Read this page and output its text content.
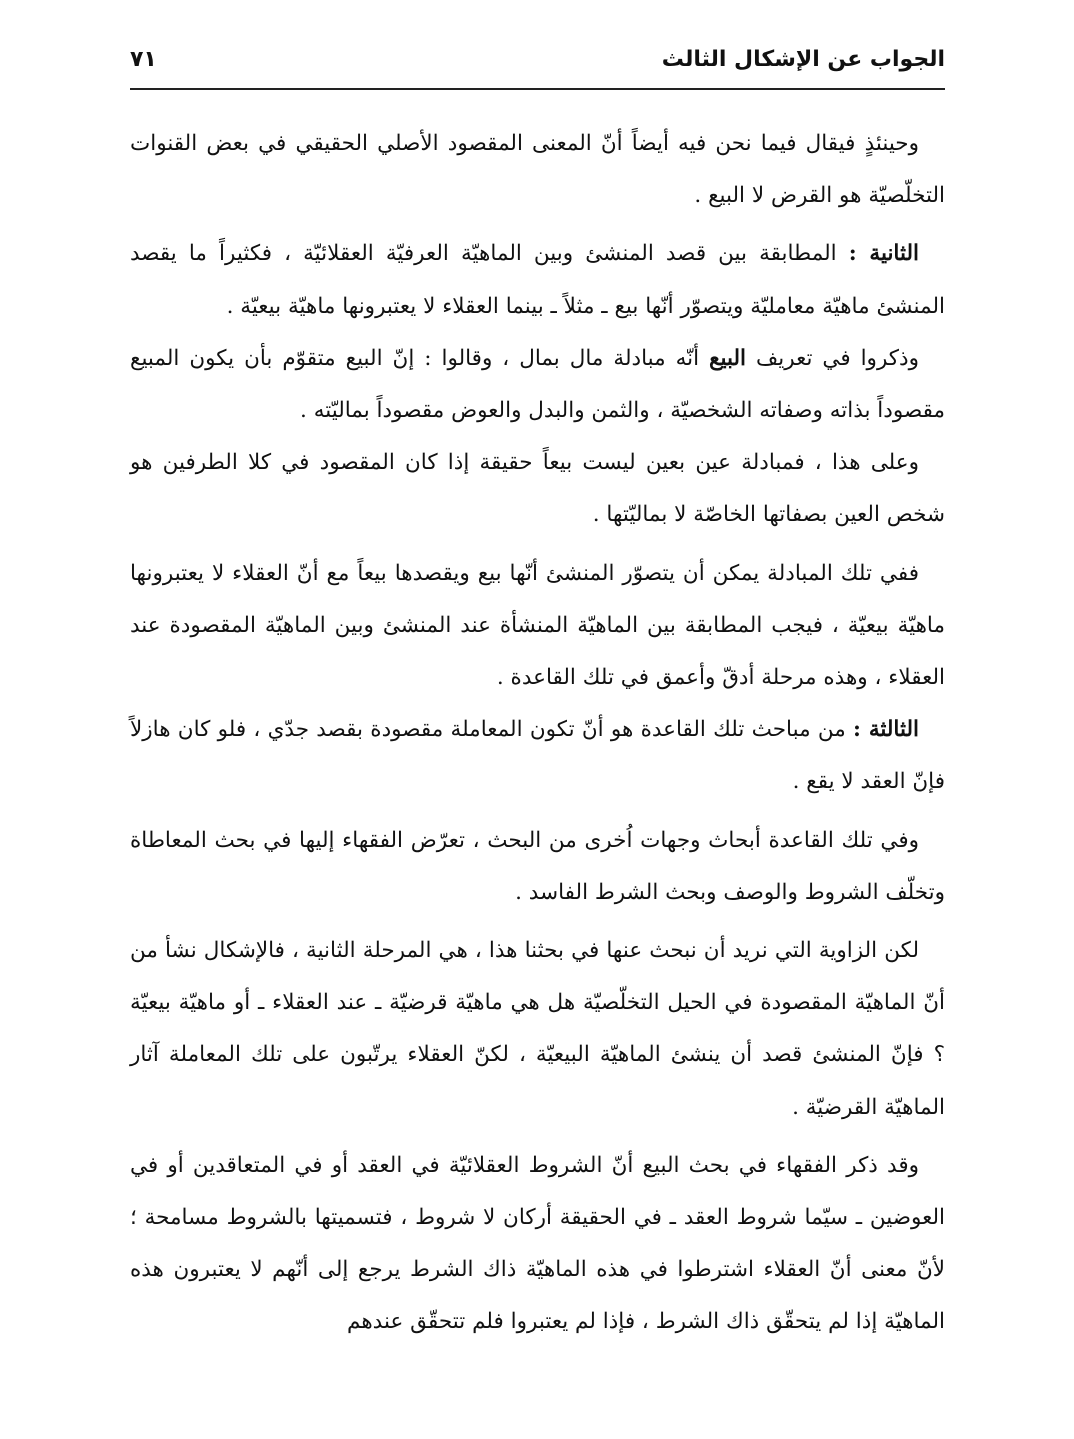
الجواب عن الإشكال الثالث
٧١

وحينئذٍ فيقال فيما نحن فيه أيضاً أنّ المعنى المقصود الأصلي الحقيقي في بعض القنوات التخلّصيّة هو القرض لا البيع .

الثانية : المطابقة بين قصد المنشئ وبين الماهيّة العرفيّة العقلائيّة ، فكثيراً ما يقصد المنشئ ماهيّة معامليّة ويتصوّر أنّها بيع ـ مثلاً ـ بينما العقلاء لا يعتبرونها ماهيّة بيعيّة .

وذكروا في تعريف البيع أنّه مبادلة مال بمال ، وقالوا : إنّ البيع متقوّم بأن يكون المبيع مقصوداً بذاته وصفاته الشخصيّة ، والثمن والبدل والعوض مقصوداً بماليّته .

وعلى هذا ، فمبادلة عين بعين ليست بيعاً حقيقة إذا كان المقصود في كلا الطرفين هو شخص العين بصفاتها الخاصّة لا بماليّتها .

ففي تلك المبادلة يمكن أن يتصوّر المنشئ أنّها بيع ويقصدها بيعاً مع أنّ العقلاء لا يعتبرونها ماهيّة بيعيّة ، فيجب المطابقة بين الماهيّة المنشأة عند المنشئ وبين الماهيّة المقصودة عند العقلاء ، وهذه مرحلة أدقّ وأعمق في تلك القاعدة .

الثالثة : من مباحث تلك القاعدة هو أنّ تكون المعاملة مقصودة بقصد جدّي ، فلو كان هازلاً فإنّ العقد لا يقع .

وفي تلك القاعدة أبحاث وجهات اُخرى من البحث ، تعرّض الفقهاء إليها في بحث المعاطاة وتخلّف الشروط والوصف وبحث الشرط الفاسد .

لكن الزاوية التي نريد أن نبحث عنها في بحثنا هذا ، هي المرحلة الثانية ، فالإشكال نشأ من أنّ الماهيّة المقصودة في الحيل التخلّصيّة هل هي ماهيّة قرضيّة ـ عند العقلاء ـ أو ماهيّة بيعيّة ؟ فإنّ المنشئ قصد أن ينشئ الماهيّة البيعيّة ، لكنّ العقلاء يرتّبون على تلك المعاملة آثار الماهيّة القرضيّة .

وقد ذكر الفقهاء في بحث البيع أنّ الشروط العقلائيّة في العقد أو في المتعاقدين أو في العوضين ـ سيّما شروط العقد ـ في الحقيقة أركان لا شروط ، فتسميتها بالشروط مسامحة ؛ لأنّ معنى أنّ العقلاء اشترطوا في هذه الماهيّة ذاك الشرط يرجع إلى أنّهم لا يعتبرون هذه الماهيّة إذا لم يتحقّق ذاك الشرط ، فإذا لم يعتبروا فلم تتحقّق عندهم
